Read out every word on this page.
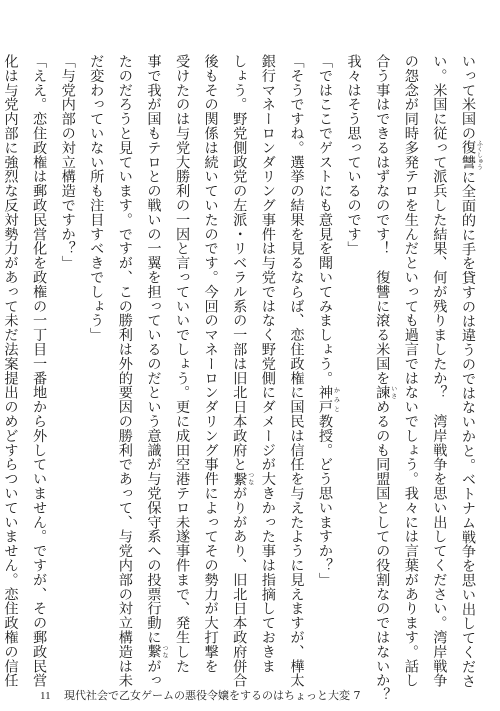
いって米国の復讐 ふくしゅうに全面的に手を貸すのは違うのではないかと。ベトナム戦争を思い出してくださ
い。米国に従って派兵した結果、何が残りましたか？　湾岸戦争を思い出してください。湾岸戦争
の怨念が同時多発テロを生んだといっても過言ではないでしょう。我々には言葉があります。話し
合う事はできるはずなのです！　復讐に滾る米国を諫 いさめるのも同盟国としての役割なのではないか？
我々はそう思っているのです」
「ではここでゲストにも意見を聞いてみましょう。神戸 かみと教授。どう思いますか？」
「そうですね。選挙の結果を見るならば、恋住政権に国民は信任を与えたように見えますが、樺太
銀行マネーロンダリング事件は与党ではなく野党側にダメージが大きかった事は指摘しておきま
しょう。野党側政党の左派・リベラル系の一部は旧北日本政府と繋 つながりがあり、旧北日本政府併合
後もその関係は続いていたのです。今回のマネーロンダリング事件によってその勢力が大打撃を
受けたのは与党大勝利の一因と言っていいでしょう。更に成田空港テロ未遂事件まで、発生した
事で我が国もテロとの戦いの一翼を担っているのだという意識が与党保守系への投票行動に繋 つながっ
たのだろうと見ています。ですが、この勝利は外的要因の勝利であって、与党内部の対立構造は未
だ変わっていない所も注目すべきでしょう」
「与党内部の対立構造ですか？」
「ええ。恋住政権は郵政民営化を政権の一丁目一番地から外していません。ですが、その郵政民営
化は与党内部に強烈な反対勢力があって未だ法案提出のめどすらついていません。恋住政権の信任
11 現代社会で乙女ゲームの悪役令嬢をするのはちょっと大変 7
